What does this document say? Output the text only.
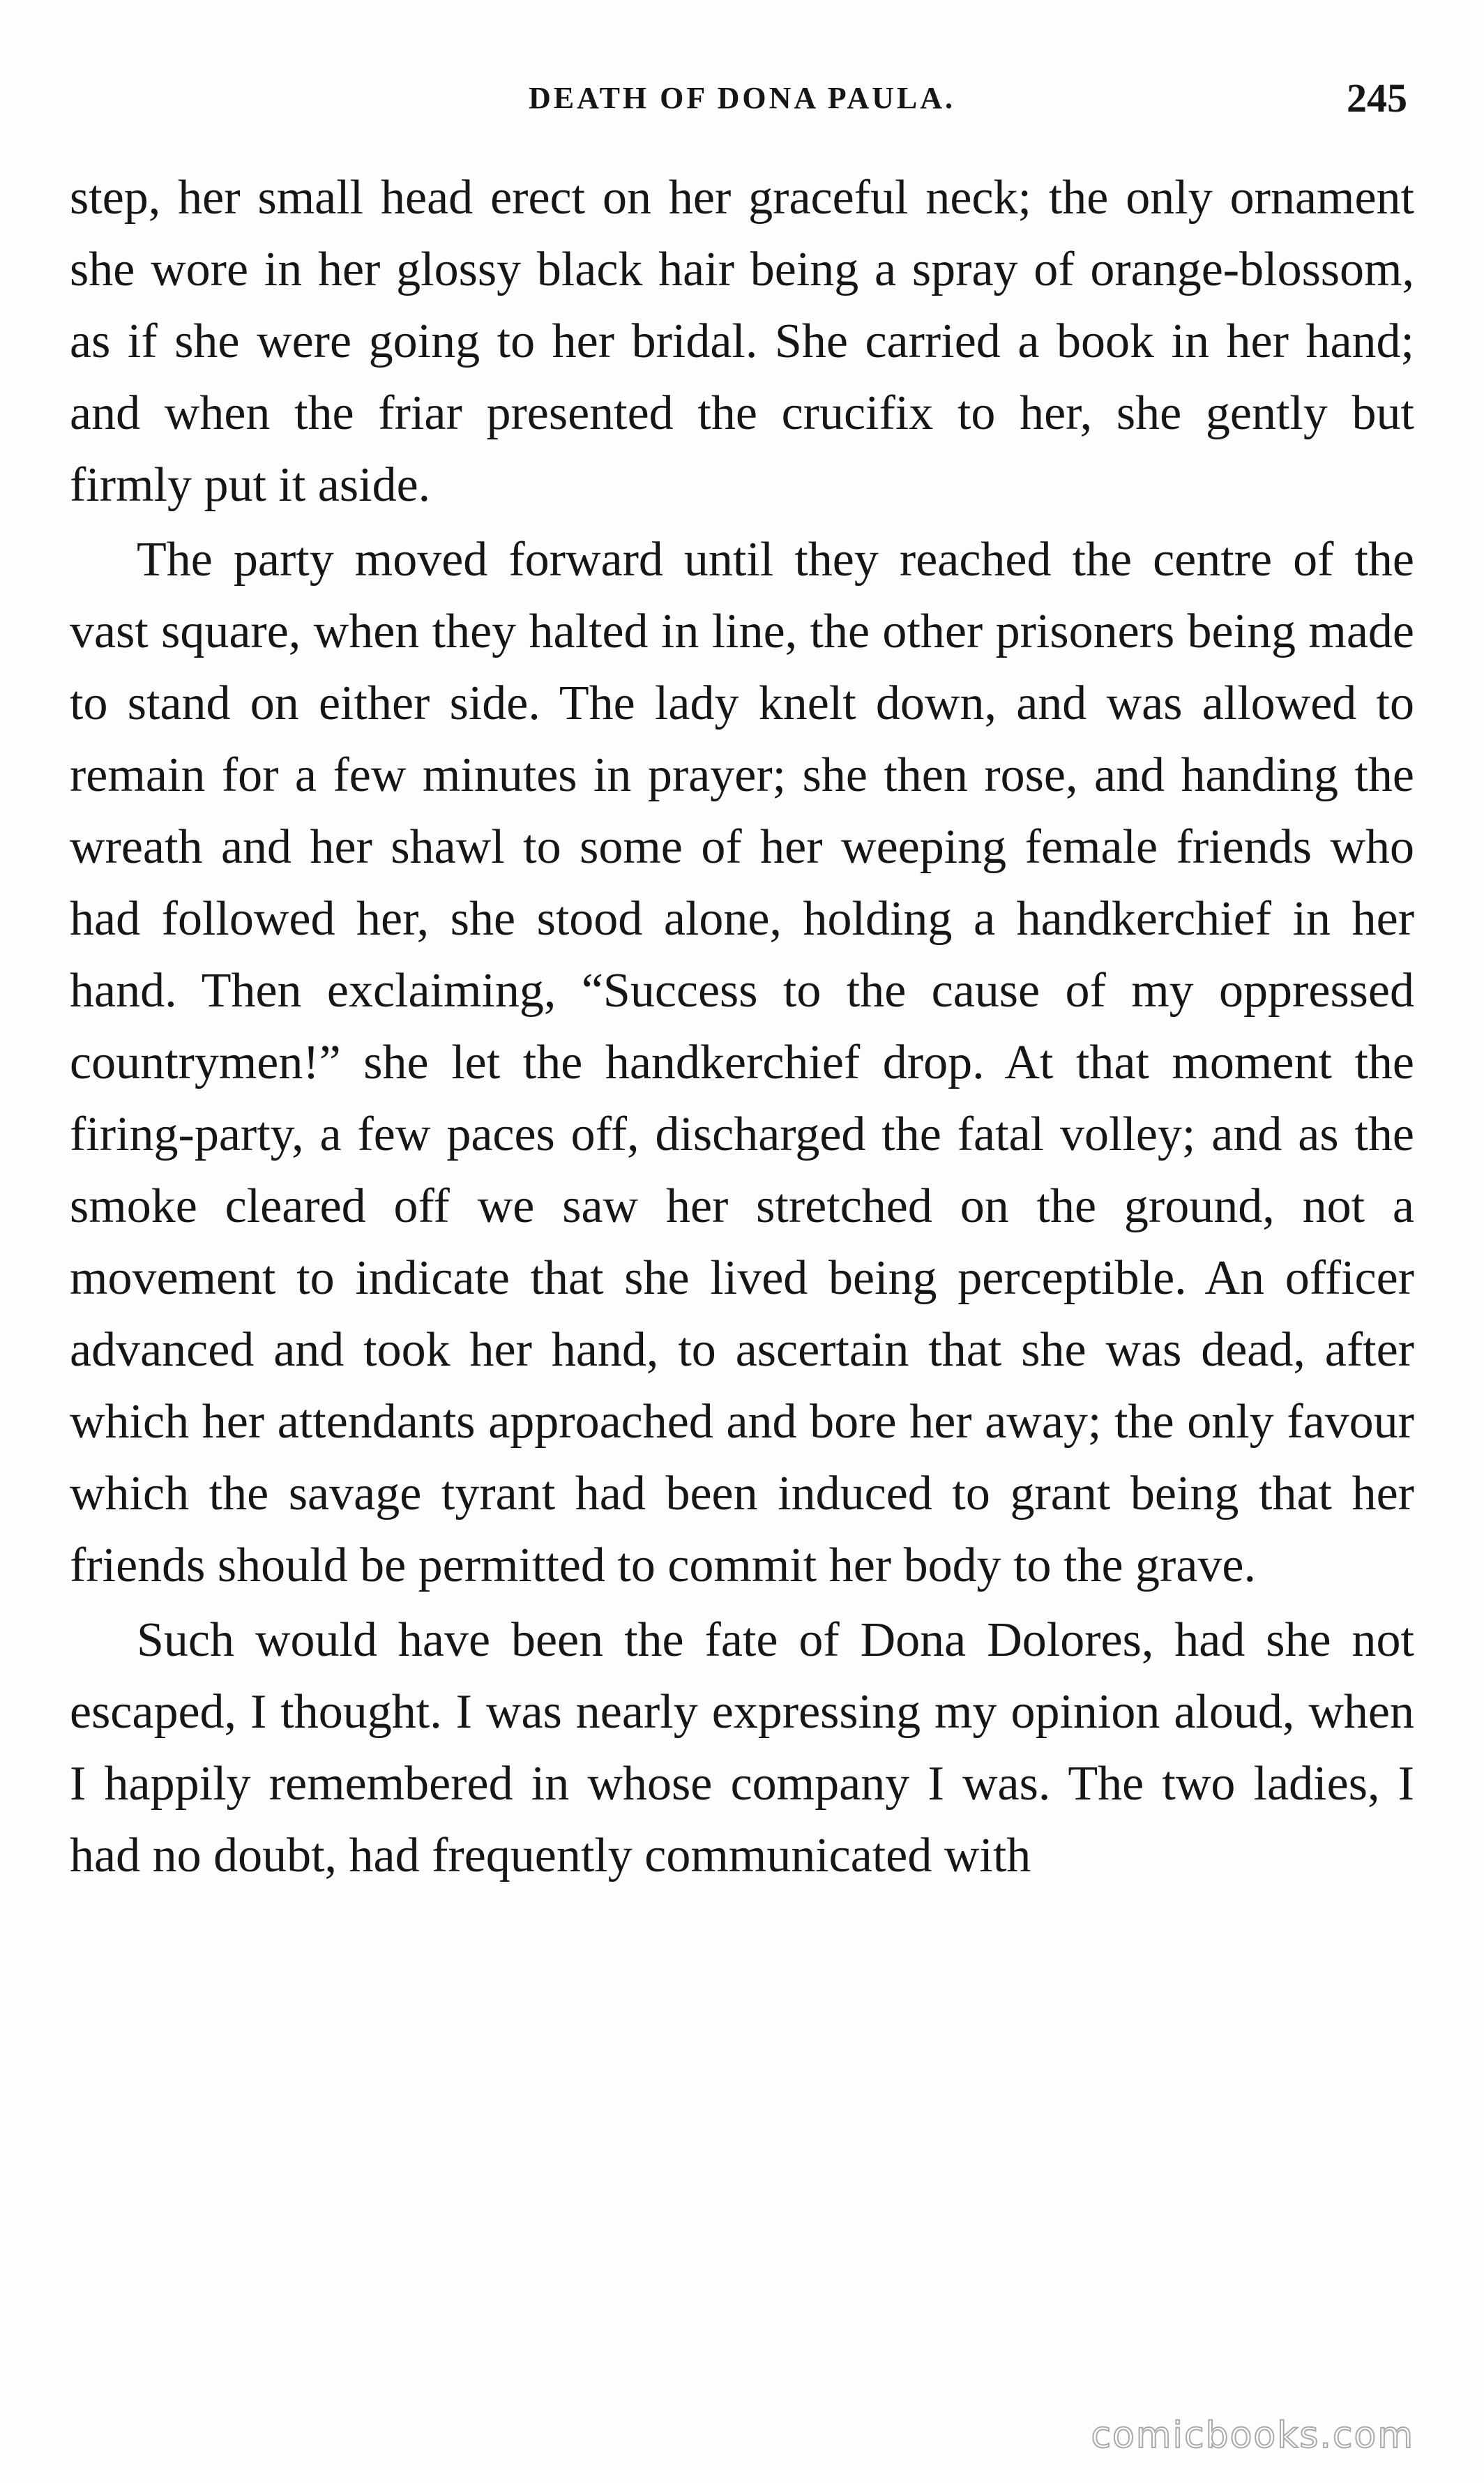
DEATH OF DONA PAULA.	245

step, her small head erect on her graceful neck; the only ornament she wore in her glossy black hair being a spray of orange-blossom, as if she were going to her bridal. She carried a book in her hand; and when the friar presented the crucifix to her, she gently but firmly put it aside.

The party moved forward until they reached the centre of the vast square, when they halted in line, the other prisoners being made to stand on either side. The lady knelt down, and was allowed to remain for a few minutes in prayer; she then rose, and handing the wreath and her shawl to some of her weeping female friends who had followed her, she stood alone, holding a handkerchief in her hand. Then exclaiming, “Success to the cause of my oppressed countrymen!” she let the handkerchief drop. At that moment the firing-party, a few paces off, discharged the fatal volley; and as the smoke cleared off we saw her stretched on the ground, not a movement to indicate that she lived being perceptible. An officer advanced and took her hand, to ascertain that she was dead, after which her attendants approached and bore her away; the only favour which the savage tyrant had been induced to grant being that her friends should be permitted to commit her body to the grave.

Such would have been the fate of Dona Dolores, had she not escaped, I thought. I was nearly expressing my opinion aloud, when I happily remembered in whose company I was. The two ladies, I had no doubt, had frequently communicated with

comicbooks.com
